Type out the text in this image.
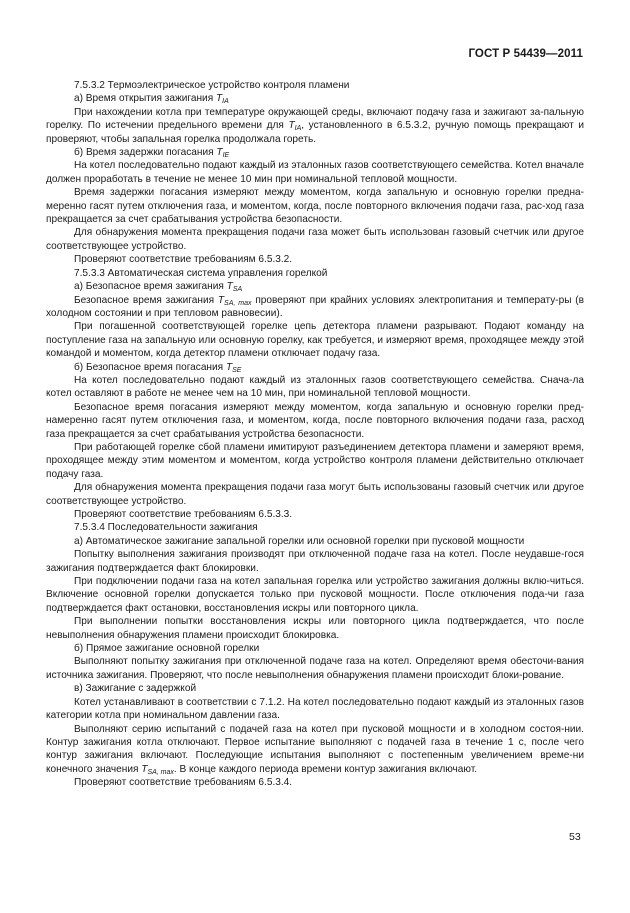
ГОСТ Р 54439—2011

7.5.3.2 Термоэлектрическое устройство контроля пламени

а) Время открытия зажигания $T_{IA}$

При нахождении котла при температуре окружающей среды, включают подачу газа и зажигают за-пальную горелку. По истечении предельного времени для $T_{IA}$, установленного в 6.5.3.2, ручную помощь прекращают и проверяют, чтобы запальная горелка продолжала гореть.

б) Время задержки погасания $T_{IE}$

На котел последовательно подают каждый из эталонных газов соответствующего семейства. Котел вначале должен проработать в течение не менее 10 мин при номинальной тепловой мощности.

Время задержки погасания измеряют между моментом, когда запальную и основную горелки предна-меренно гасят путем отключения газа, и моментом, когда, после повторного включения подачи газа, рас-ход газа прекращается за счет срабатывания устройства безопасности.

Для обнаружения момента прекращения подачи газа может быть использован газовый счетчик или другое соответствующее устройство.

Проверяют соответствие требованиям 6.5.3.2.

7.5.3.3 Автоматическая система управления горелкой

а) Безопасное время зажигания $T_{SA}$

Безопасное время зажигания $T_{SA, max}$ проверяют при крайних условиях электропитания и температу-ры (в холодном состоянии и при тепловом равновесии).

При погашенной соответствующей горелке цепь детектора пламени разрывают. Подают команду на поступление газа на запальную или основную горелку, как требуется, и измеряют время, проходящее между этой командой и моментом, когда детектор пламени отключает подачу газа.

б) Безопасное время погасания $T_{SE}$

На котел последовательно подают каждый из эталонных газов соответствующего семейства. Снача-ла котел оставляют в работе не менее чем на 10 мин, при номинальной тепловой мощности.

Безопасное время погасания измеряют между моментом, когда запальную и основную горелки пред-намеренно гасят путем отключения газа, и моментом, когда, после повторного включения подачи газа, расход газа прекращается за счет срабатывания устройства безопасности.

При работающей горелке сбой пламени имитируют разъединением детектора пламени и замеряют время, проходящее между этим моментом и моментом, когда устройство контроля пламени действительно отключает подачу газа.

Для обнаружения момента прекращения подачи газа могут быть использованы газовый счетчик или другое соответствующее устройство.

Проверяют соответствие требованиям 6.5.3.3.

7.5.3.4 Последовательности зажигания

а) Автоматическое зажигание запальной горелки или основной горелки при пусковой мощности

Попытку выполнения зажигания производят при отключенной подаче газа на котел. После неудавше-гося зажигания подтверждается факт блокировки.

При подключении подачи газа на котел запальная горелка или устройство зажигания должны вклю-читься. Включение основной горелки допускается только при пусковой мощности. После отключения пода-чи газа подтверждается факт остановки, восстановления искры или повторного цикла.

При выполнении попытки восстановления искры или повторного цикла подтверждается, что после невыполнения обнаружения пламени происходит блокировка.

б) Прямое зажигание основной горелки

Выполняют попытку зажигания при отключенной подаче газа на котел. Определяют время обесточи-вания источника зажигания. Проверяют, что после невыполнения обнаружения пламени происходит блоки-рование.

в) Зажигание с задержкой

Котел устанавливают в соответствии с 7.1.2. На котел последовательно подают каждый из эталонных газов категории котла при номинальном давлении газа.

Выполняют серию испытаний с подачей газа на котел при пусковой мощности и в холодном состоя-нии. Контур зажигания котла отключают. Первое испытание выполняют с подачей газа в течение 1 с, после чего контур зажигания включают. Последующие испытания выполняют с постепенным увеличением време-ни конечного значения $T_{SA, max}$. В конце каждого периода времени контур зажигания включают.

Проверяют соответствие требованиям 6.5.3.4.

53
